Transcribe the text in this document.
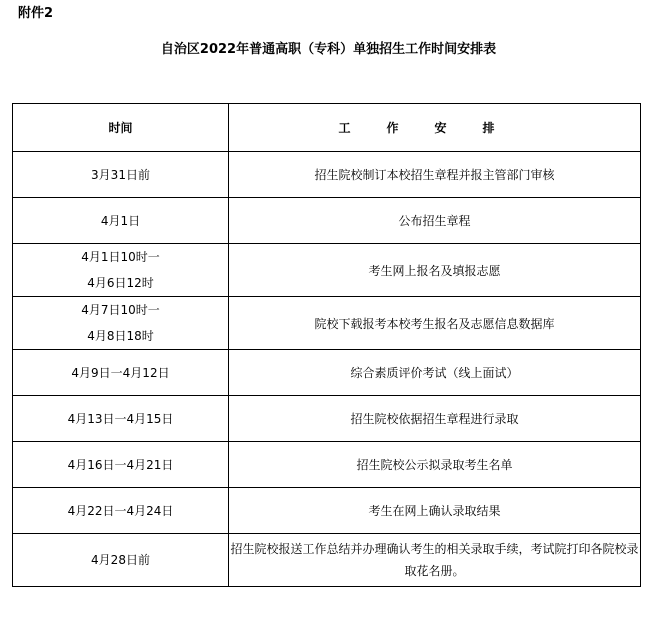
附件2
自治区2022年普通高职（专科）单独招生工作时间安排表
时间	工作安排

3月31日前	招生院校制订本校招生章程并报主管部门审核

4月1日	公布招生章程

4月1日10时一
4月6日12时	考生网上报名及填报志愿

4月7日10时一
4月8日18时	院校下载报考本校考生报名及志愿信息数据库

4月9日一4月12日	综合素质评价考试（线上面试）

4月13日一4月15日	招生院校依据招生章程进行录取

4月16日一4月21日	招生院校公示拟录取考生名单

4月22日一4月24日	考生在网上确认录取结果

4月28日前	招生院校报送工作总结并办理确认考生的相关录取手续，考试院打印各院校录取花名册。
